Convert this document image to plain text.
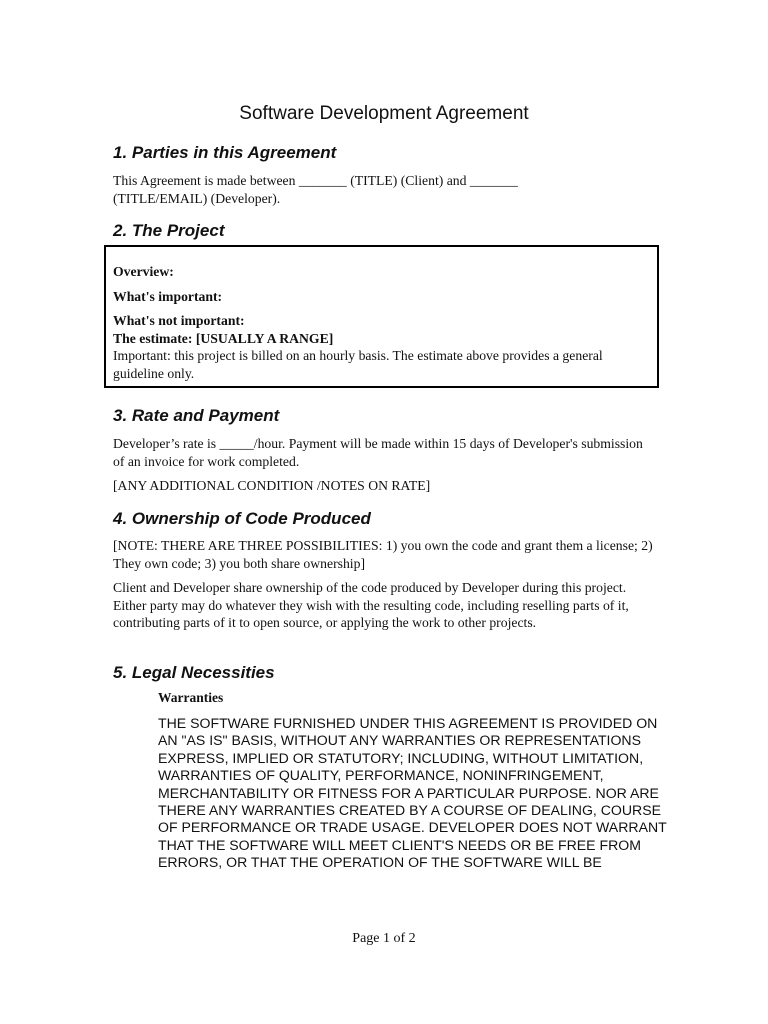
Software Development Agreement
1. Parties in this Agreement

This Agreement is made between _______ (TITLE) (Client) and _______ (TITLE/EMAIL) (Developer).

2. The Project

Overview:

What's important:

What's not important:

The estimate: [USUALLY A RANGE]

Important: this project is billed on an hourly basis. The estimate above provides a general guideline only.

3. Rate and Payment

Developer’s rate is _____/hour. Payment will be made within 15 days of Developer's submission of an invoice for work completed.

[ANY ADDITIONAL CONDITION /NOTES ON RATE]

4. Ownership of Code Produced

[NOTE: THERE ARE THREE POSSIBILITIES: 1) you own the code and grant them a license; 2) They own code; 3) you both share ownership]

Client and Developer share ownership of the code produced by Developer during this project. Either party may do whatever they wish with the resulting code, including reselling parts of it, contributing parts of it to open source, or applying the work to other projects.

5. Legal Necessities

Warranties

THE SOFTWARE FURNISHED UNDER THIS AGREEMENT IS PROVIDED ON AN "AS IS" BASIS, WITHOUT ANY WARRANTIES OR REPRESENTATIONS EXPRESS, IMPLIED OR STATUTORY; INCLUDING, WITHOUT LIMITATION, WARRANTIES OF QUALITY, PERFORMANCE, NONINFRINGEMENT, MERCHANTABILITY OR FITNESS FOR A PARTICULAR PURPOSE. NOR ARE THERE ANY WARRANTIES CREATED BY A COURSE OF DEALING, COURSE OF PERFORMANCE OR TRADE USAGE. DEVELOPER DOES NOT WARRANT THAT THE SOFTWARE WILL MEET CLIENT'S NEEDS OR BE FREE FROM ERRORS, OR THAT THE OPERATION OF THE SOFTWARE WILL BE

Page 1 of 2
